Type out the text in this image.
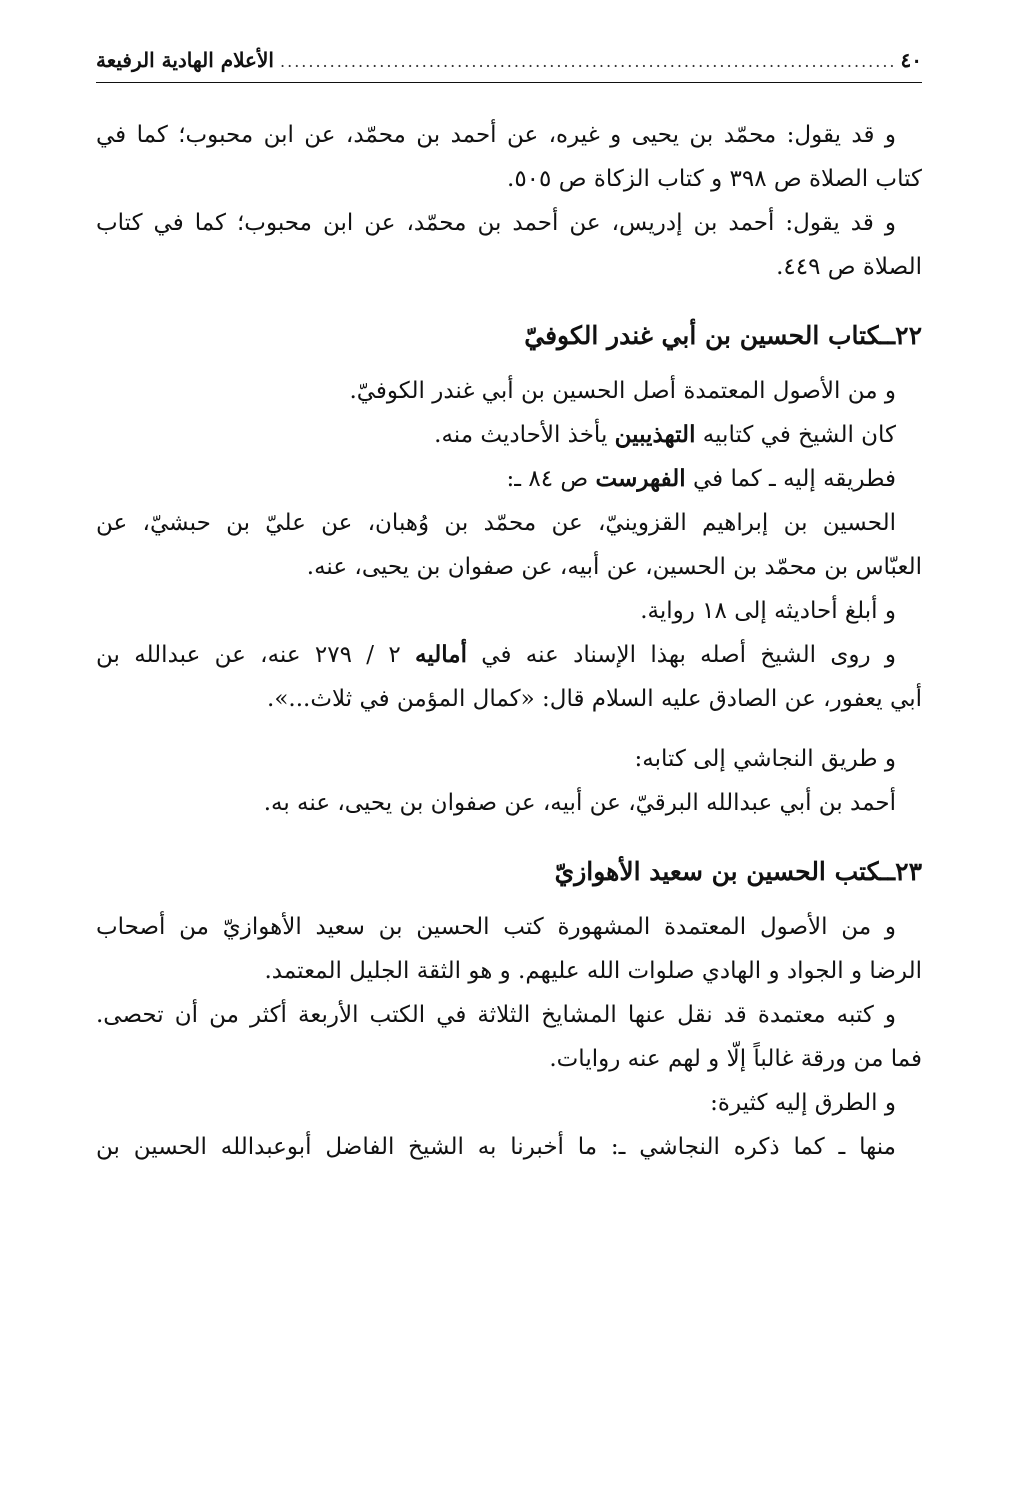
٤٠
.....
الأعلام الهادية الرفيعة

و قد يقول: محمّد بن يحيى و غيره، عن أحمد بن محمّد، عن ابن محبوب؛ كما في

كتاب الصلاة ص ٣٩٨ و كتاب الزكاة ص ٥٠٥.

و قد يقول: أحمد بن إدريس، عن أحمد بن محمّد، عن ابن محبوب؛ كما في كتاب

الصلاة ص ٤٤٩.

٢٢ــكتاب الحسين بن أبي غندر الكوفيّ

و من الأصول المعتمدة أصل الحسين بن أبي غندر الكوفيّ.

كان الشيخ في كتابيه التهذيبين يأخذ الأحاديث منه.

فطريقه إليه ـ كما في الفهرست ص ٨٤ ـ:

الحسين بن إبراهيم القزوينيّ، عن محمّد بن وُهبان، عن عليّ بن حبشيّ، عن

العبّاس بن محمّد بن الحسين، عن أبيه، عن صفوان بن يحيى، عنه.

و أبلغ أحاديثه إلى ١٨ رواية.

و روى الشيخ أصله بهذا الإسناد عنه في أماليه ٢ / ٢٧٩ عنه، عن عبدالله بن

أبي يعفور، عن الصادق عليه السلام قال: «كمال المؤمن في ثلاث...».

و طريق النجاشي إلى كتابه:

أحمد بن أبي عبدالله البرقيّ، عن أبيه، عن صفوان بن يحيى، عنه به.

٢٣ــكتب الحسين بن سعيد الأهوازيّ

و من الأصول المعتمدة المشهورة كتب الحسين بن سعيد الأهوازيّ من أصحاب

الرضا و الجواد و الهادي صلوات الله عليهم. و هو الثقة الجليل المعتمد.

و كتبه معتمدة قد نقل عنها المشايخ الثلاثة في الكتب الأربعة أكثر من أن تحصى.

فما من ورقة غالباً إلّا و لهم عنه روايات.

و الطرق إليه كثيرة:

منها ـ كما ذكره النجاشي ـ: ما أخبرنا به الشيخ الفاضل أبوعبدالله الحسين بن
